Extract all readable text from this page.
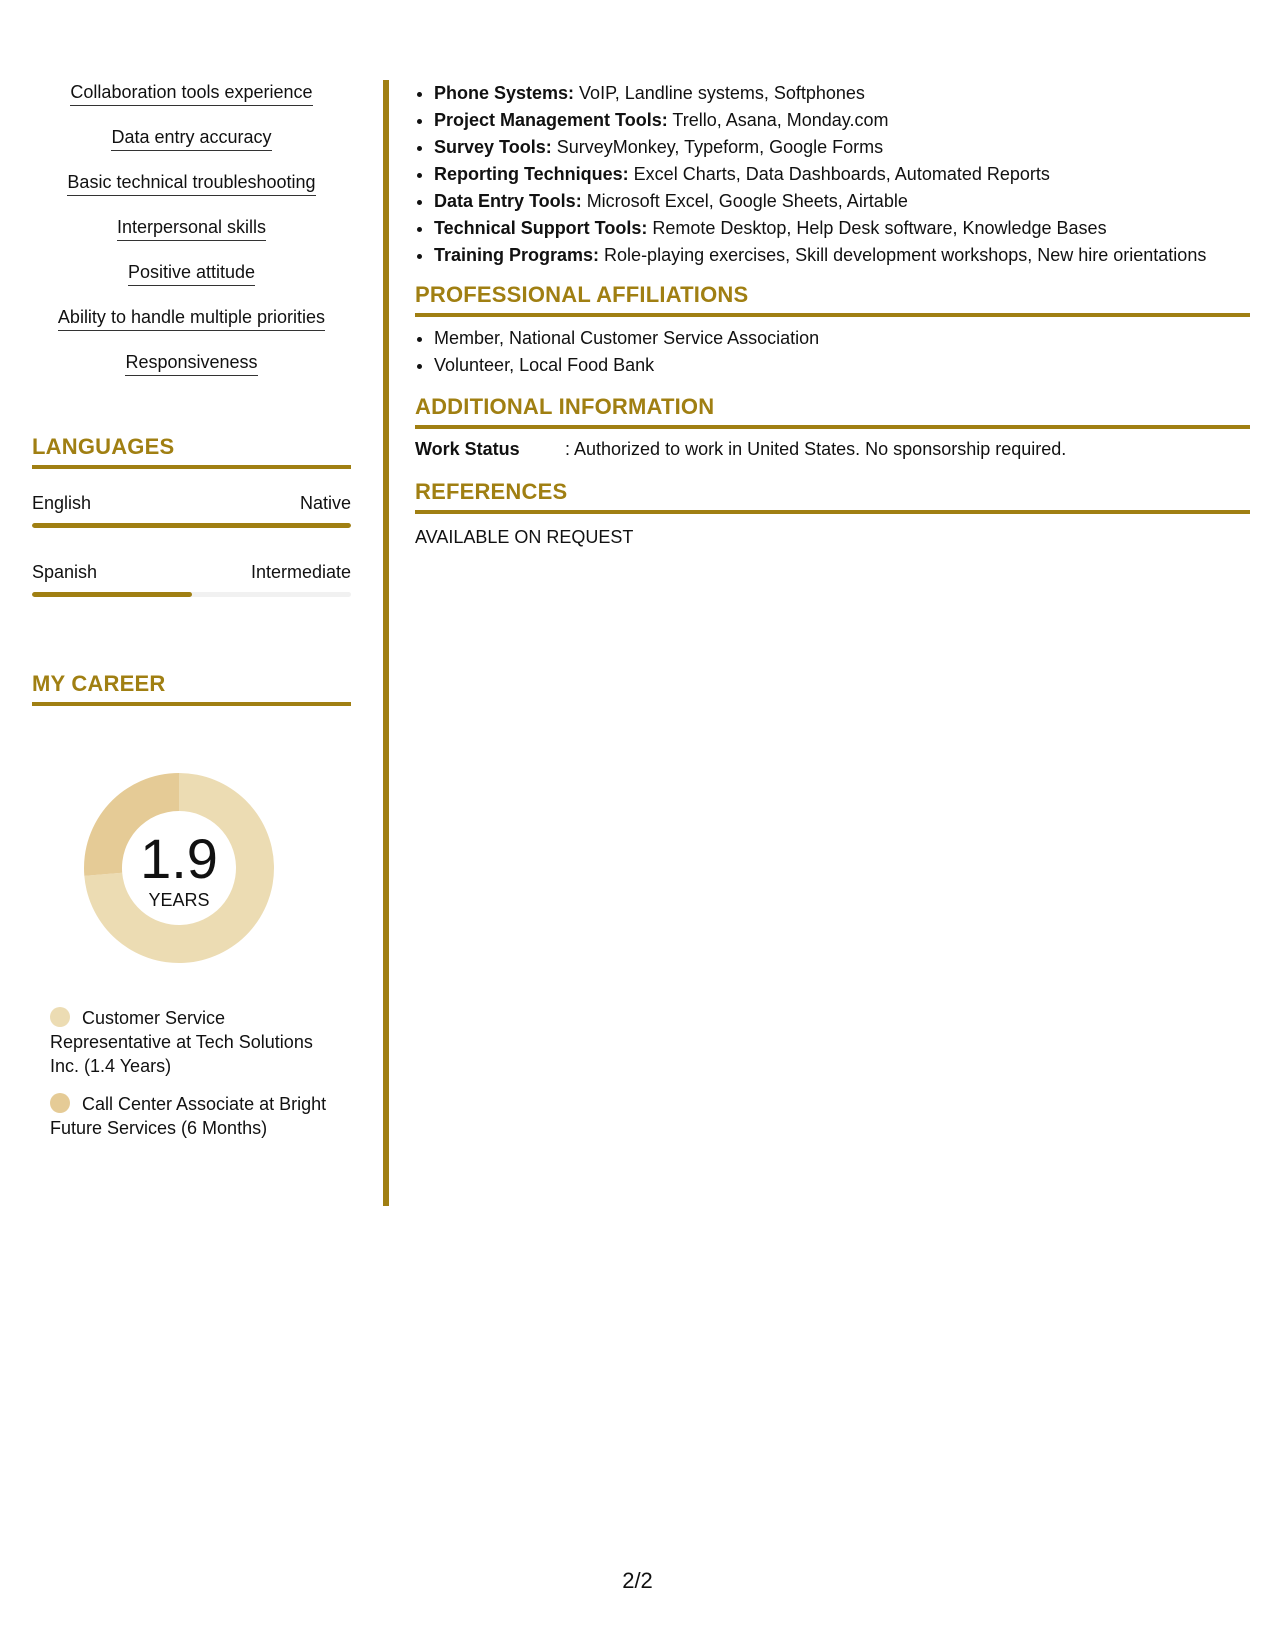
Collaboration tools experience
Data entry accuracy
Basic technical troubleshooting
Interpersonal skills
Positive attitude
Ability to handle multiple priorities
Responsiveness
LANGUAGES
English	Native
Spanish	Intermediate
MY CAREER
1.9
YEARS
Customer Service Representative at Tech Solutions Inc. (1.4 Years)
Call Center Associate at Bright Future Services (6 Months)
• Phone Systems: VoIP, Landline systems, Softphones
• Project Management Tools: Trello, Asana, Monday.com
• Survey Tools: SurveyMonkey, Typeform, Google Forms
• Reporting Techniques: Excel Charts, Data Dashboards, Automated Reports
• Data Entry Tools: Microsoft Excel, Google Sheets, Airtable
• Technical Support Tools: Remote Desktop, Help Desk software, Knowledge Bases
• Training Programs: Role-playing exercises, Skill development workshops, New hire orientations
PROFESSIONAL AFFILIATIONS
• Member, National Customer Service Association
• Volunteer, Local Food Bank
ADDITIONAL INFORMATION
Work Status	: Authorized to work in United States. No sponsorship required.
REFERENCES
AVAILABLE ON REQUEST
2/2
